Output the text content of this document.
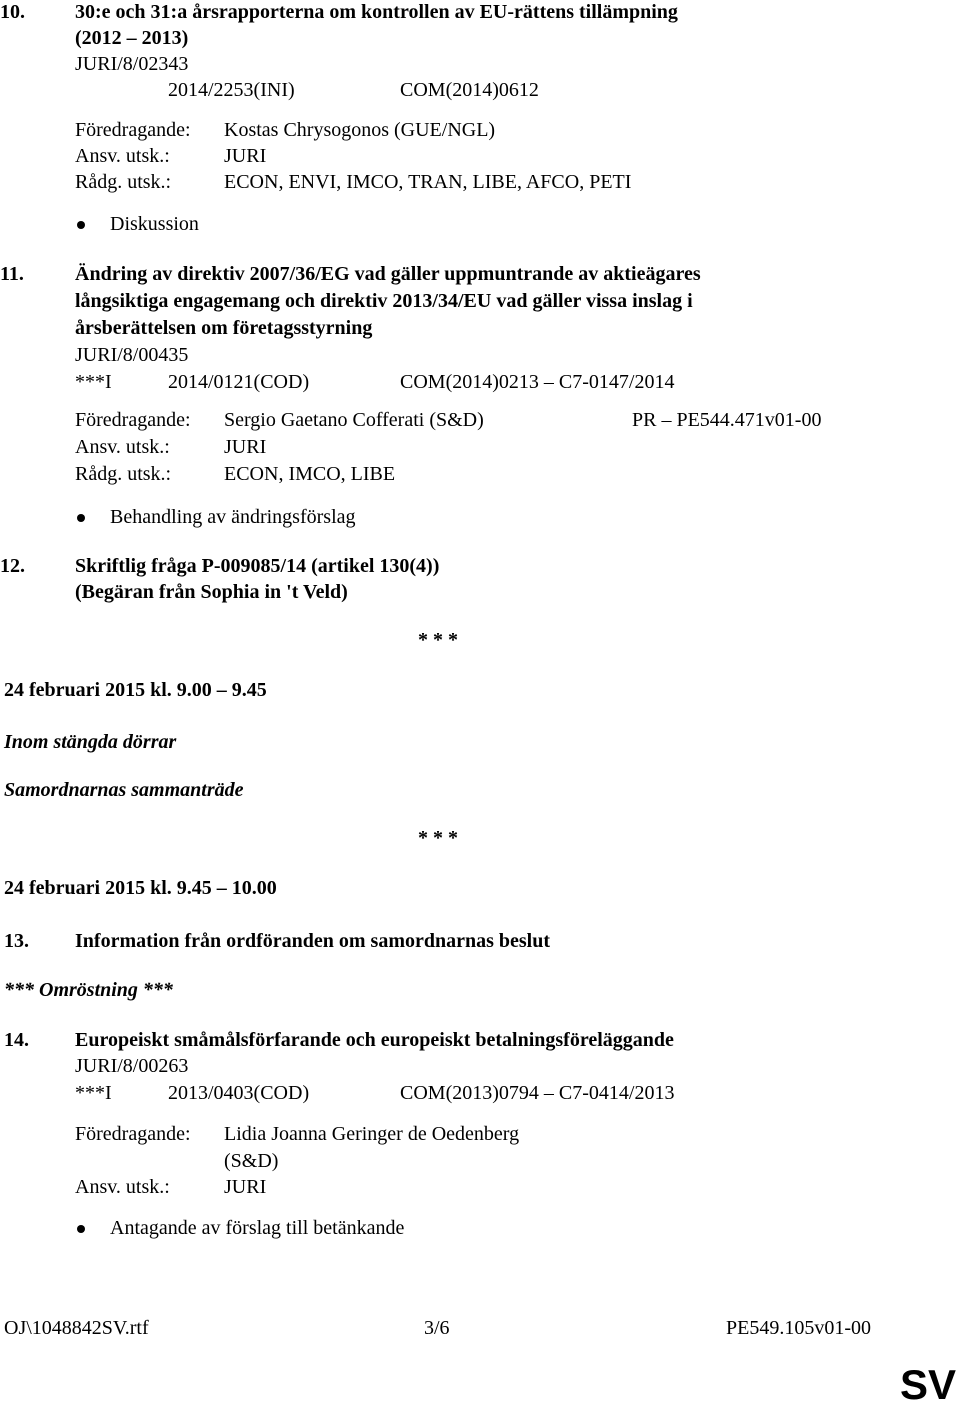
10.	30:e och 31:a årsrapporterna om kontrollen av EU-rättens tillämpning
(2012 – 2013)
JURI/8/02343
2014/2253(INI)	COM(2014)0612
Föredragande: Kostas Chrysogonos (GUE/NGL)
Ansv. utsk.:	JURI
Rådg. utsk.:	ECON, ENVI, IMCO, TRAN, LIBE, AFCO, PETI
Diskussion
11.	Ändring av direktiv 2007/36/EG vad gäller uppmuntrande av aktieägares
långsiktiga engagemang och direktiv 2013/34/EU vad gäller vissa inslag i
årsberättelsen om företagsstyrning
JURI/8/00435
***I	2014/0121(COD)	COM(2014)0213 – C7-0147/2014
Föredragande: Sergio Gaetano Cofferati (S&D)	PR – PE544.471v01-00
Ansv. utsk.:	JURI
Rådg. utsk.:	ECON, IMCO, LIBE
Behandling av ändringsförslag
12.	Skriftlig fråga P-009085/14 (artikel 130(4))
(Begäran från Sophia in 't Veld)
* * *
24 februari 2015 kl. 9.00 – 9.45
Inom stängda dörrar
Samordnarnas sammanträde
* * *
24 februari 2015 kl. 9.45 – 10.00
13. Information från ordföranden om samordnarnas beslut
*** Omröstning ***
14. Europeiskt småmålsförfarande och europeiskt betalningsföreläggande
JURI/8/00263
***I	2013/0403(COD)	COM(2013)0794 – C7-0414/2013
Föredragande: Lidia Joanna Geringer de Oedenberg
(S&D)
Ansv. utsk.:	JURI
Antagande av förslag till betänkande
OJ\1048842SV.rtf	3/6	PE549.105v01-00
SV
